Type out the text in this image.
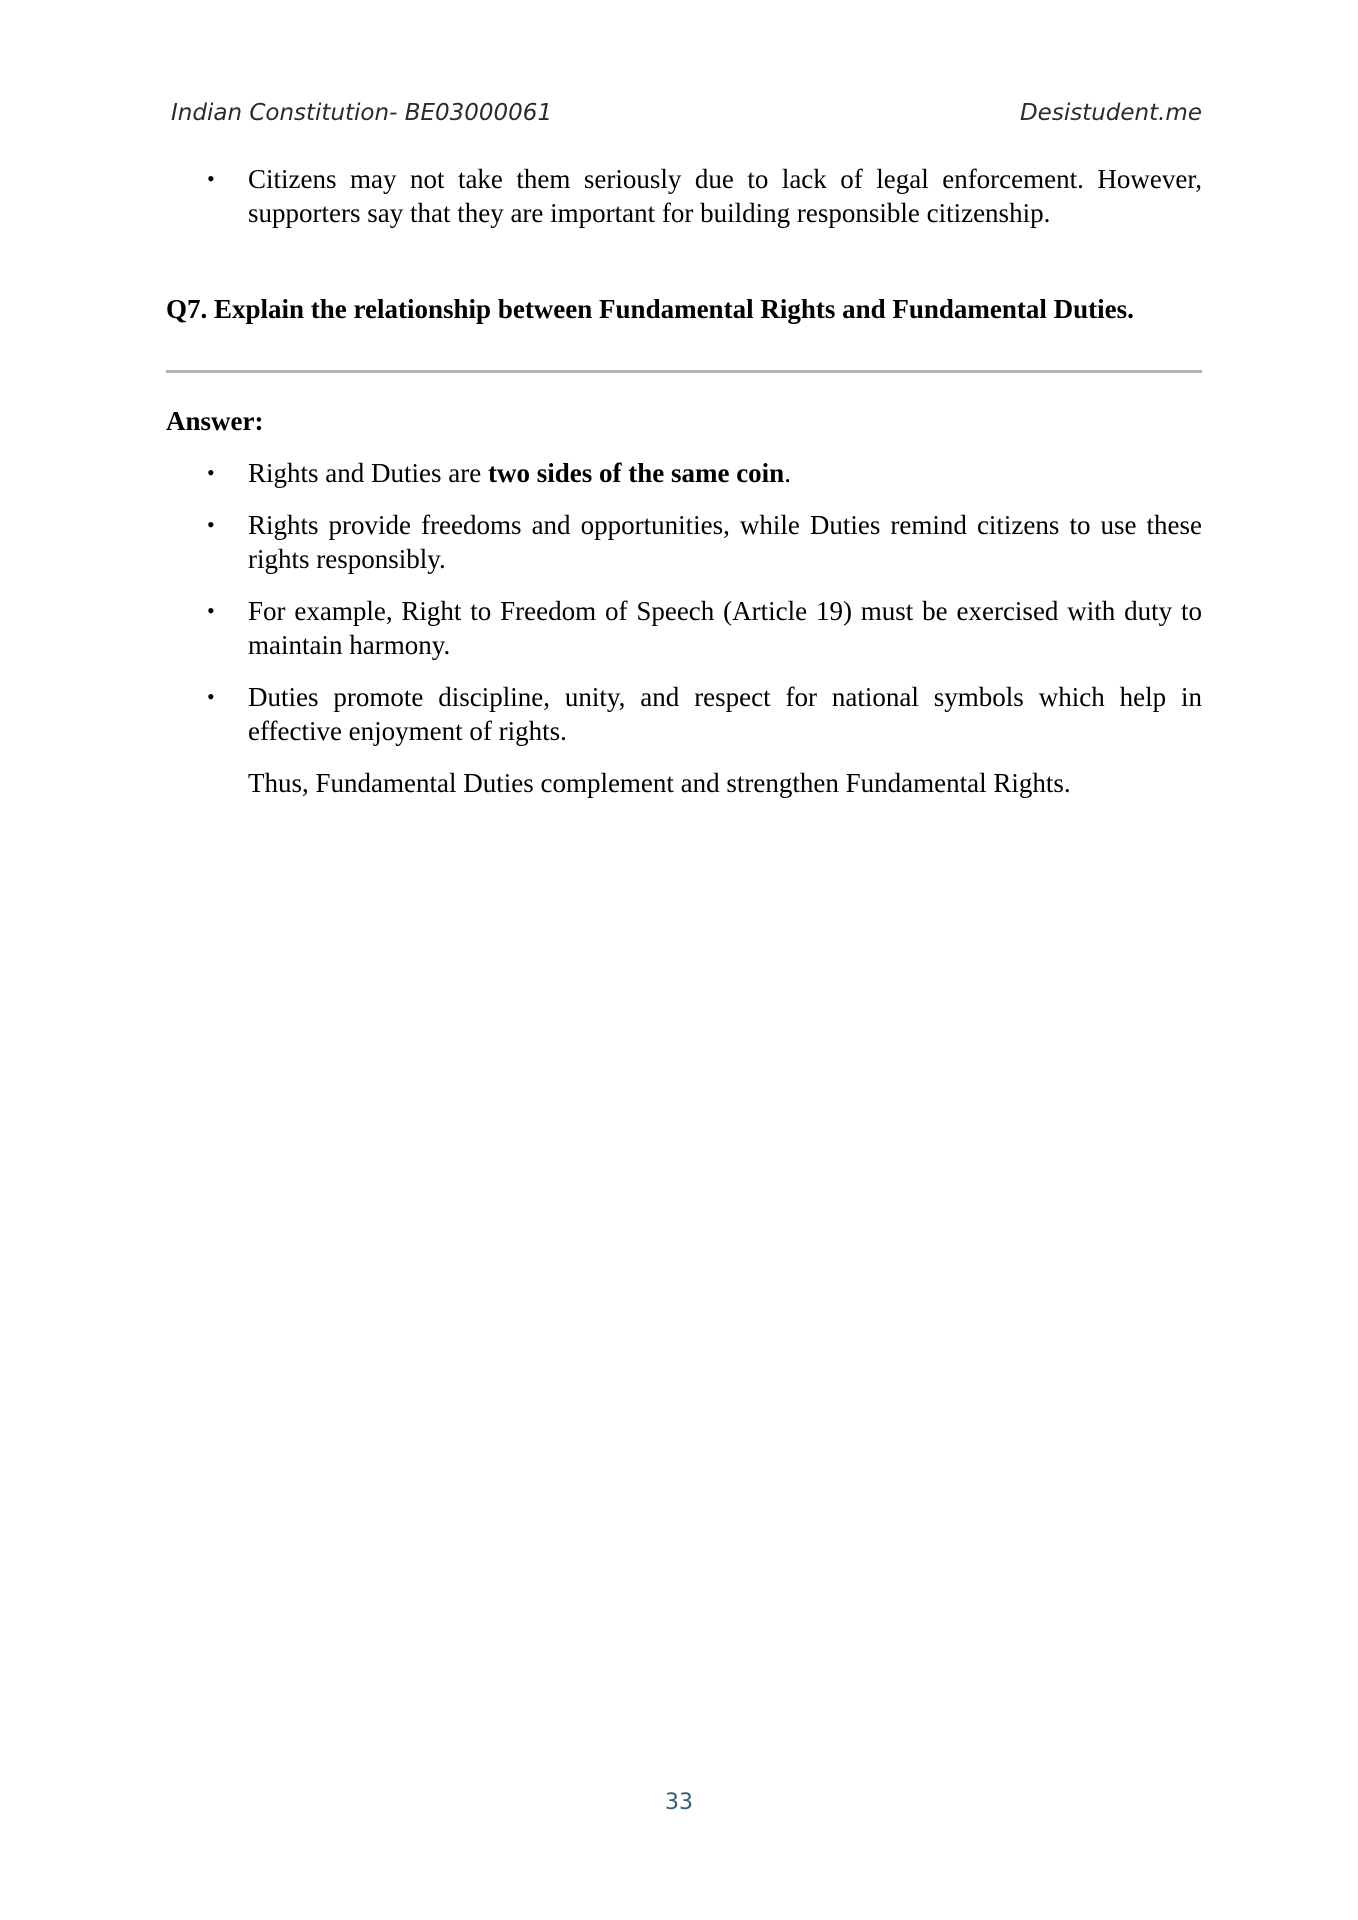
Indian Constitution- BE03000061	Desistudent.me
• Citizens may not take them seriously due to lack of legal enforcement. However, supporters say that they are important for building responsible citizenship.
Q7. Explain the relationship between Fundamental Rights and Fundamental Duties.
Answer:
• Rights and Duties are two sides of the same coin.
• Rights provide freedoms and opportunities, while Duties remind citizens to use these rights responsibly.
• For example, Right to Freedom of Speech (Article 19) must be exercised with duty to maintain harmony.
• Duties promote discipline, unity, and respect for national symbols which help in effective enjoyment of rights.

Thus, Fundamental Duties complement and strengthen Fundamental Rights.

33
